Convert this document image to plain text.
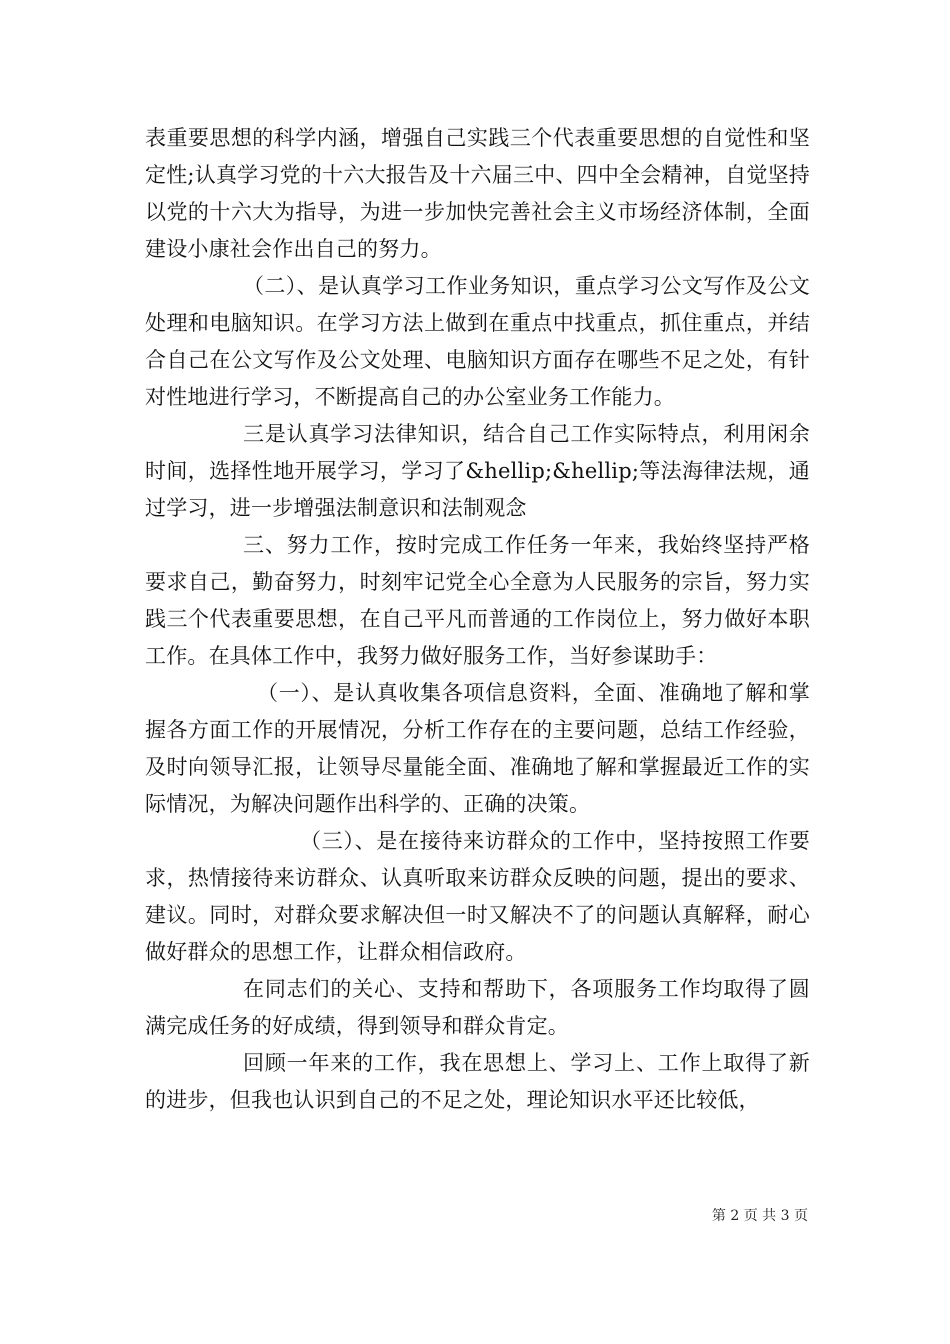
表重要思想的科学内涵，增强自己实践三个代表重要思想的自觉性和坚定性;认真学习党的十六大报告及十六届三中、四中全会精神，自觉坚持以党的十六大为指导，为进一步加快完善社会主义市场经济体制，全面建设小康社会作出自己的努力。

（二）、是认真学习工作业务知识，重点学习公文写作及公文处理和电脑知识。在学习方法上做到在重点中找重点，抓住重点，并结合自己在公文写作及公文处理、电脑知识方面存在哪些不足之处，有针对性地进行学习，不断提高自己的办公室业务工作能力。

三是认真学习法律知识，结合自己工作实际特点，利用闲余时间，选择性地开展学习，学习了&hellip;&hellip;等法海律法规，通过学习，进一步增强法制意识和法制观念

三、努力工作，按时完成工作任务一年来，我始终坚持严格要求自己，勤奋努力，时刻牢记党全心全意为人民服务的宗旨，努力实践三个代表重要思想，在自己平凡而普通的工作岗位上，努力做好本职工作。在具体工作中，我努力做好服务工作，当好参谋助手：

（一）、是认真收集各项信息资料，全面、准确地了解和掌握各方面工作的开展情况，分析工作存在的主要问题，总结工作经验，及时向领导汇报，让领导尽量能全面、准确地了解和掌握最近工作的实际情况，为解决问题作出科学的、正确的决策。

（三）、是在接待来访群众的工作中，坚持按照工作要求，热情接待来访群众、认真听取来访群众反映的问题，提出的要求、建议。同时，对群众要求解决但一时又解决不了的问题认真解释，耐心做好群众的思想工作，让群众相信政府。

在同志们的关心、支持和帮助下，各项服务工作均取得了圆满完成任务的好成绩，得到领导和群众肯定。

回顾一年来的工作，我在思想上、学习上、工作上取得了新的进步，但我也认识到自己的不足之处，理论知识水平还比较低，

第 2 页 共 3 页
